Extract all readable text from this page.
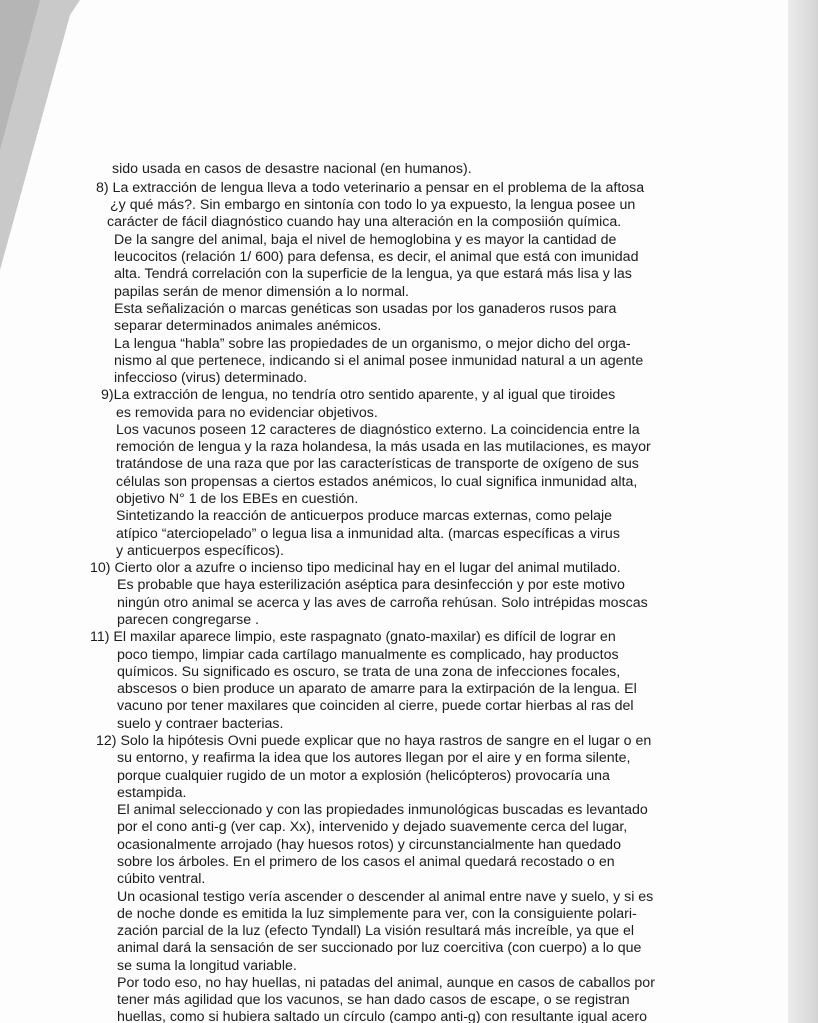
sido usada en casos de desastre nacional (en humanos).

8) La extracción de lengua lleva a todo veterinario a pensar en el problema de la aftosa

¿y qué más?. Sin embargo en sintonía con todo lo ya expuesto, la lengua posee un

carácter de fácil diagnóstico cuando hay una alteración en la composiión química.

De la sangre del animal, baja el nivel de hemoglobina y es mayor la cantidad de

leucocitos (relación 1/ 600) para defensa, es decir, el animal que está con imunidad

alta. Tendrá correlación con la superficie de la lengua, ya que estará más lisa y las

papilas serán de menor dimensión a lo normal.

Esta señalización o marcas genéticas son usadas por los ganaderos rusos para

separar determinados animales anémicos.

La lengua “habla” sobre las propiedades de un organismo, o mejor dicho del orga-

nismo al que pertenece, indicando si el animal posee inmunidad natural a un agente

infeccioso (virus) determinado.

9)La extracción de lengua, no tendría otro sentido aparente, y al igual que tiroides

es removida para no evidenciar objetivos.

Los vacunos poseen 12 caracteres de diagnóstico externo. La coincidencia entre la

remoción de lengua y la raza holandesa, la más usada en las mutilaciones, es mayor

tratándose de una raza que por las características de transporte de oxígeno de sus

células son propensas a ciertos estados anémicos, lo cual significa inmunidad alta,

objetivo N° 1 de los EBEs en cuestión.

Sintetizando la reacción de anticuerpos produce marcas externas, como pelaje

atípico “aterciopelado” o legua lisa a inmunidad alta. (marcas específicas a virus

y anticuerpos específicos).

10) Cierto olor a azufre o incienso tipo medicinal hay en el lugar del animal mutilado.

Es probable que haya esterilización aséptica para desinfección y por este motivo

ningún otro animal se acerca y las aves de carroña rehúsan. Solo intrépidas moscas

parecen congregarse .

11) El maxilar aparece limpio, este raspagnato (gnato-maxilar) es difícil de lograr en

poco tiempo, limpiar cada cartílago manualmente es complicado, hay productos

químicos. Su significado es oscuro, se trata de una zona de infecciones focales,

abscesos o bien produce un aparato de amarre para la extirpación de la lengua. El

vacuno por tener maxilares que coinciden al cierre, puede cortar hierbas al ras del

suelo y contraer bacterias.

12) Solo la hipótesis Ovni puede explicar que no haya rastros de sangre en el lugar o en

su entorno, y reafirma la idea que los autores llegan por el aire y en forma silente,

porque cualquier rugido de un motor a explosión (helicópteros) provocaría una

estampida.

El animal seleccionado y con las propiedades inmunológicas buscadas es levantado

por el cono anti-g (ver cap. Xx), intervenido y dejado suavemente cerca del lugar,

ocasionalmente arrojado (hay huesos rotos) y circunstancialmente han quedado

sobre los árboles. En el primero de los casos el animal quedará recostado o en

cúbito ventral.

Un ocasional testigo vería ascender o descender al animal entre nave y suelo, y si es

de noche donde es emitida la luz simplemente para ver, con la consiguiente polari-

zación parcial de la luz (efecto Tyndall) La visión resultará más increíble, ya que el

animal dará la sensación de ser succionado por luz coercitiva (con cuerpo) a lo que

se suma la longitud variable.

Por todo eso, no hay huellas, ni patadas del animal, aunque en casos de caballos por

tener más agilidad que los vacunos, se han dado casos de escape, o se registran

huellas, como si hubiera saltado un círculo (campo anti-g) con resultante igual acero
